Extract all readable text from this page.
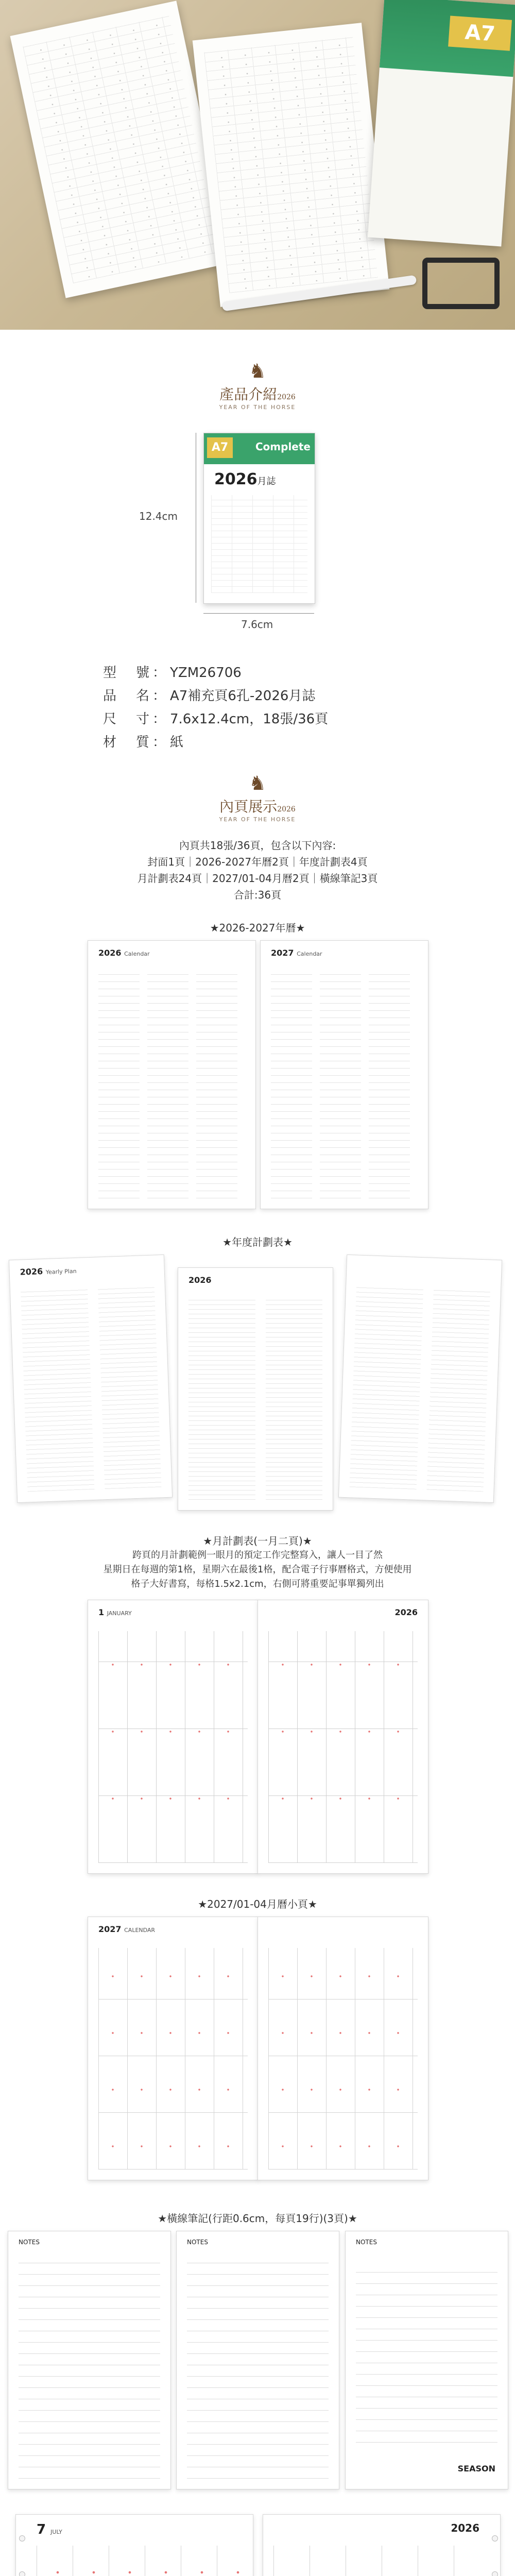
A7
♞
產品介紹2026
YEAR OF THE HORSE
A7	Complete
2026月誌
12.4cm
7.6cm
型　號：YZM26706
品　名：A7補充頁6孔-2026月誌
尺　寸：7.6x12.4cm，18張/36頁
材　質：紙
♞
內頁展示2026
YEAR OF THE HORSE
內頁共18張/36頁，包含以下內容:
封面1頁｜2026-2027年曆2頁｜年度計劃表4頁
月計劃表24頁｜2027/01-04月曆2頁｜橫線筆記3頁
合計:36頁
★2026-2027年曆★
2026 Calendar	2027 Calendar
★年度計劃表★
2026 Yearly Plan
2026
★月計劃表(一月二頁)★
跨頁的月計劃範例一眼月的預定工作完整寫入，讓人一目了然
星期日在每週的第1格，星期六在最後1格，配合電子行事曆格式，方便使用
格子大好書寫，每格1.5x2.1cm，右側可將重要記事單獨列出
1 JANUARY	2026
★2027/01-04月曆小頁★
2027 CALENDAR
★橫線筆記(行距0.6cm，每頁19行)(3頁)★
NOTES	NOTES	NOTES
SEASON
7 JULY	2026
